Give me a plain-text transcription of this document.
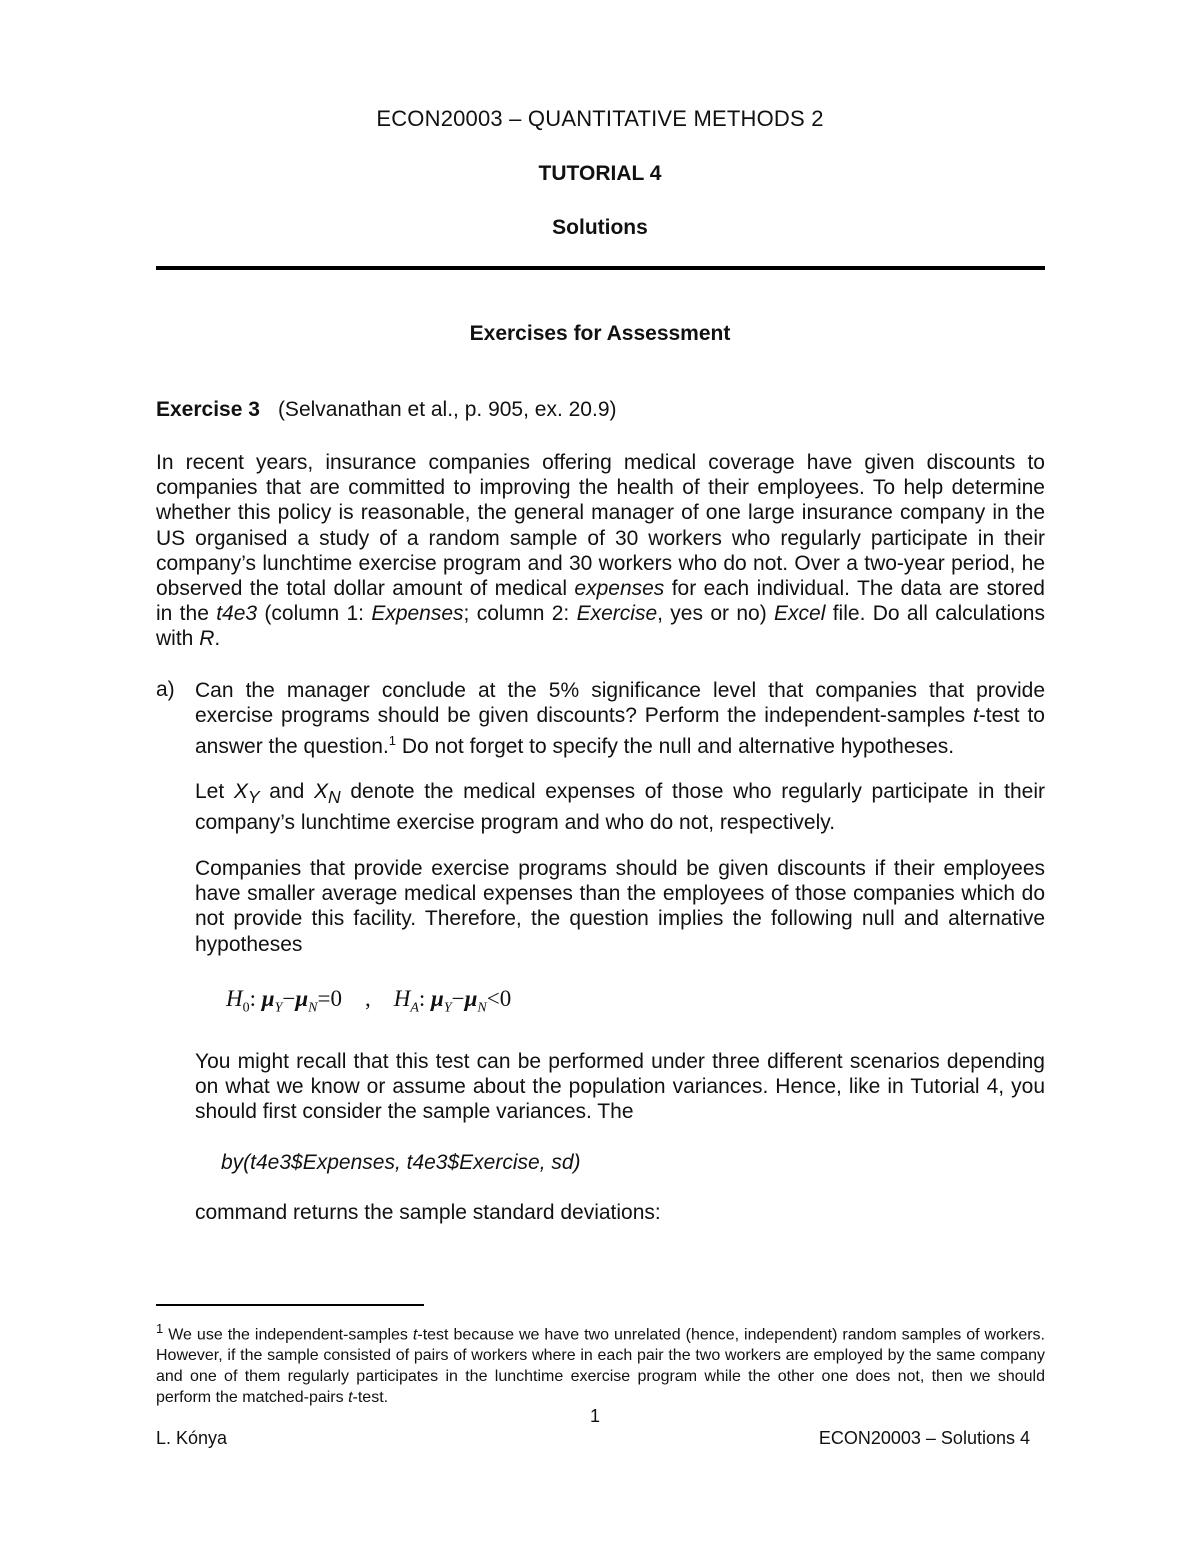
ECON20003 – QUANTITATIVE METHODS 2
TUTORIAL 4
Solutions
Exercises for Assessment
Exercise 3 (Selvanathan et al., p. 905, ex. 20.9)
In recent years, insurance companies offering medical coverage have given discounts to companies that are committed to improving the health of their employees. To help determine whether this policy is reasonable, the general manager of one large insurance company in the US organised a study of a random sample of 30 workers who regularly participate in their company’s lunchtime exercise program and 30 workers who do not. Over a two-year period, he observed the total dollar amount of medical expenses for each individual. The data are stored in the t4e3 (column 1: Expenses; column 2: Exercise, yes or no) Excel file. Do all calculations with R.
a) Can the manager conclude at the 5% significance level that companies that provide exercise programs should be given discounts? Perform the independent-samples t-test to answer the question.$^1$ Do not forget to specify the null and alternative hypotheses.
Let $X_Y$ and $X_N$ denote the medical expenses of those who regularly participate in their company’s lunchtime exercise program and who do not, respectively.
Companies that provide exercise programs should be given discounts if their employees have smaller average medical expenses than the employees of those companies which do not provide this facility. Therefore, the question implies the following null and alternative hypotheses
$H_0$: $\mu_Y-\mu_N=0$ , $H_A$: $\mu_Y-\mu_N<0$
You might recall that this test can be performed under three different scenarios depending on what we know or assume about the population variances. Hence, like in Tutorial 4, you should first consider the sample variances. The
by(t4e3$Expenses, t4e3$Exercise, sd)
command returns the sample standard deviations:
$^1$ We use the independent-samples t-test because we have two unrelated (hence, independent) random samples of workers. However, if the sample consisted of pairs of workers where in each pair the two workers are employed by the same company and one of them regularly participates in the lunchtime exercise program while the other one does not, then we should perform the matched-pairs t-test.
1
L. Kónya	ECON20003 – Solutions 4
